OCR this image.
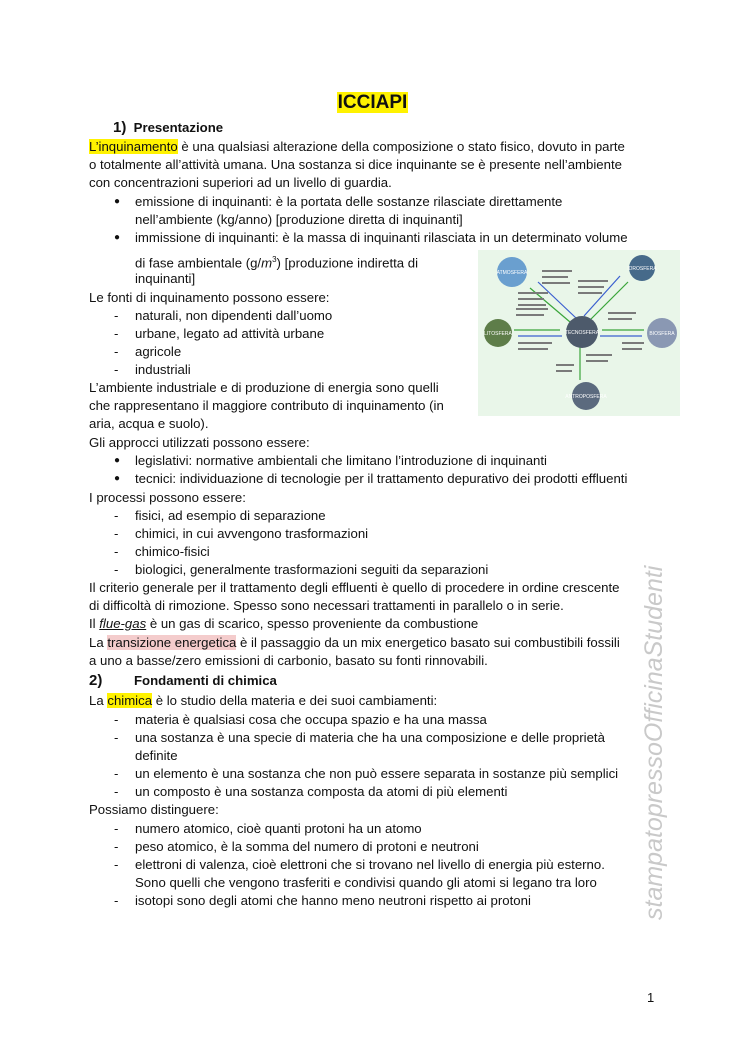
ICCIAPI
1) Presentazione
L’inquinamento è una qualsiasi alterazione della composizione o stato fisico, dovuto in parte
o totalmente all’attività umana. Una sostanza si dice inquinante se è presente nell’ambiente
con concentrazioni superiori ad un livello di guardia.
● emissione di inquinanti: è la portata delle sostanze rilasciate direttamente
nell’ambiente (kg/anno) [produzione diretta di inquinanti]
● immissione di inquinanti: è la massa di inquinanti rilasciata in un determinato volume
di fase ambientale $(g/m^3)$ [produzione indiretta di
inquinanti]
Le fonti di inquinamento possono essere:
- naturali, non dipendenti dall’uomo
- urbane, legato ad attività urbane
- agricole
- industriali
L’ambiente industriale e di produzione di energia sono quelli
che rappresentano il maggiore contributo di inquinamento (in
aria, acqua e suolo).
Gli approcci utilizzati possono essere:
● legislativi: normative ambientali che limitano l’introduzione di inquinanti
● tecnici: individuazione di tecnologie per il trattamento depurativo dei prodotti effluenti
I processi possono essere:
- fisici, ad esempio di separazione
- chimici, in cui avvengono trasformazioni
- chimico-fisici
- biologici, generalmente trasformazioni seguiti da separazioni
Il criterio generale per il trattamento degli effluenti è quello di procedere in ordine crescente
di difficoltà di rimozione. Spesso sono necessari trattamenti in parallelo o in serie.
Il flue-gas è un gas di scarico, spesso proveniente da combustione
La transizione energetica è il passaggio da un mix energetico basato sui combustibili fossili
a uno a basse/zero emissioni di carbonio, basato su fonti rinnovabili.
2) Fondamenti di chimica
La chimica è lo studio della materia e dei suoi cambiamenti:
- materia è qualsiasi cosa che occupa spazio e ha una massa
- una sostanza è una specie di materia che ha una composizione e delle proprietà
definite
- un elemento è una sostanza che non può essere separata in sostanze più semplici
- un composto è una sostanza composta da atomi di più elementi
Possiamo distinguere:
- numero atomico, cioè quanti protoni ha un atomo
- peso atomico, è la somma del numero di protoni e neutroni
- elettroni di valenza, cioè elettroni che si trovano nel livello di energia più esterno.
Sono quelli che vengono trasferiti e condivisi quando gli atomi si legano tra loro
- isotopi sono degli atomi che hanno meno neutroni rispetto ai protoni
ATMOSFERA
IDROSFERA
LITOSFERA	BIOSFERA
TECNOSFERA
ANTROPOSFERA
stampatopressoOfficinaStudenti
1
